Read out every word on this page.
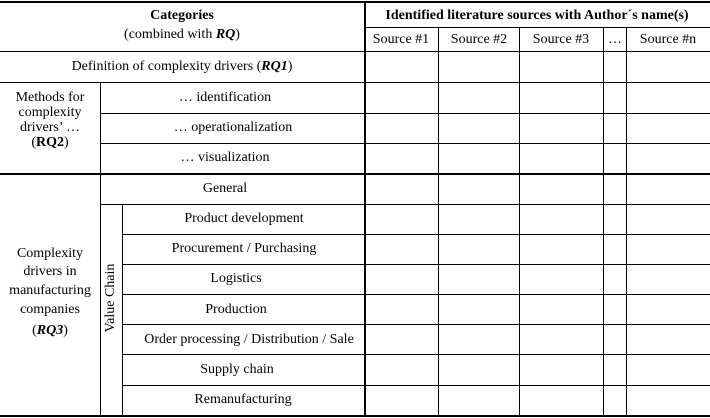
Categories
(combined with RQ)
Identified literature sources with Author´s name(s)
Source #1 Source #2 Source #3 … Source #n
Definition of complexity drivers (RQ1)
Methods for
complexity
drivers’ …
(RQ2)
… identification
… operationalization
… visualization
Complexity
drivers in
manufacturing
companies
(RQ3)
General
Value Chain
Product development
Procurement / Purchasing
Logistics
Production
Order processing / Distribution / Sale
Supply chain
Remanufacturing
